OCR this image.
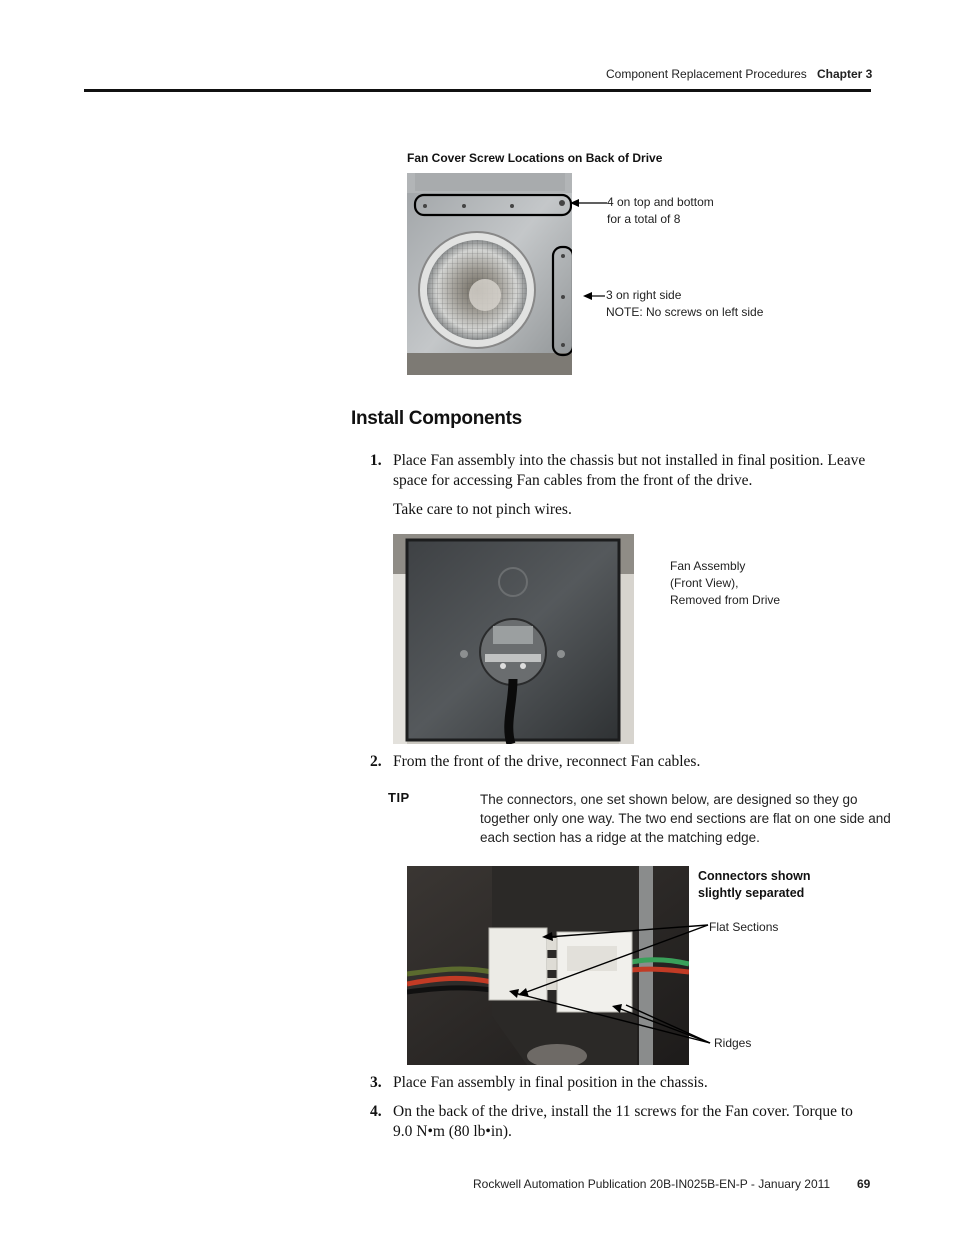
Component Replacement Procedures Chapter 3
Fan Cover Screw Locations on Back of Drive
4 on top and bottom
for a total of 8
3 on right side
NOTE: No screws on left side
Install Components
1. Place Fan assembly into the chassis but not installed in final position. Leave
space for accessing Fan cables from the front of the drive.
Take care to not pinch wires.
Fan Assembly
(Front View),
Removed from Drive
2. From the front of the drive, reconnect Fan cables.
TIP	The connectors, one set shown below, are designed so they go
together only one way. The two end sections are flat on one side and
each section has a ridge at the matching edge.
Connectors shown
slightly separated
Flat Sections
Ridges
3. Place Fan assembly in final position in the chassis.
4. On the back of the drive, install the 11 screws for the Fan cover. Torque to
9.0 N•m (80 lb•in).
Rockwell Automation Publication 20B-IN025B-EN-P - January 2011 69
